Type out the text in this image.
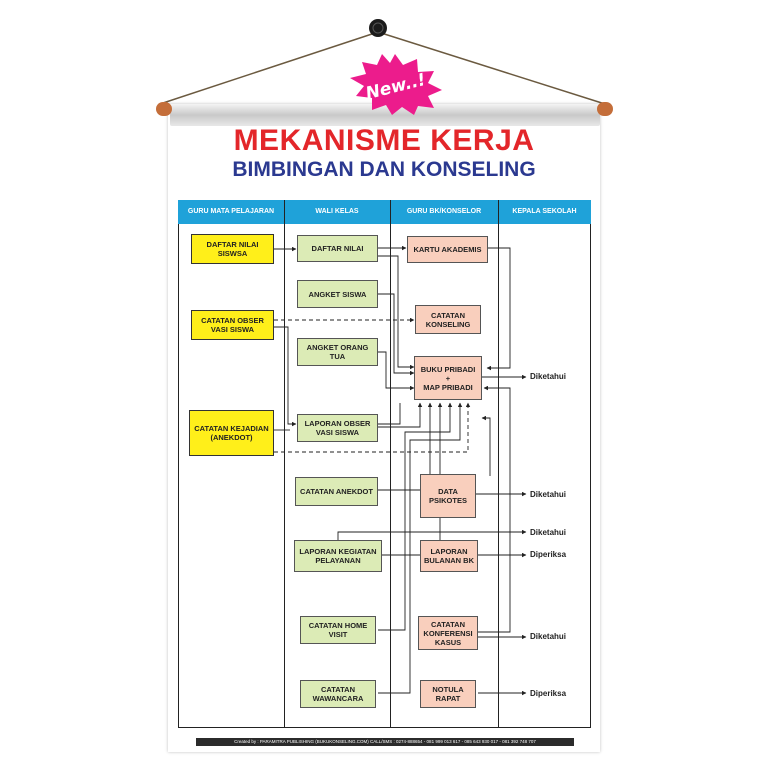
New..!
MEKANISME KERJA
BIMBINGAN DAN KONSELING
GURU MATA PELAJARAN	WALI KELAS	GURU BK/KONSELOR	KEPALA SEKOLAH
DAFTAR NILAI SISWSA
CATATAN OBSER VASI SISWA
CATATAN KEJADIAN (ANEKDOT)
DAFTAR NILAI
ANGKET SISWA
ANGKET ORANG TUA
LAPORAN OBSER VASI SISWA
CATATAN ANEKDOT
LAPORAN KEGIATAN PELAYANAN
CATATAN HOME VISIT
CATATAN WAWANCARA
KARTU AKADEMIS
CATATAN KONSELING
BUKU PRIBADI
+
MAP PRIBADI
DATA PSIKOTES
LAPORAN BULANAN BK
CATATAN KONFERENSI KASUS
NOTULA RAPAT
Diketahui
Diketahui
Diketahui
Diperiksa
Diketahui
Diperiksa
Created by : PARAMITRA PUBLISHING (BUKUKONSELING.COM) CALL/SMS : 0274-888654 - 081 999 013 617 - 085 643 930 017 - 081 392 748 707
